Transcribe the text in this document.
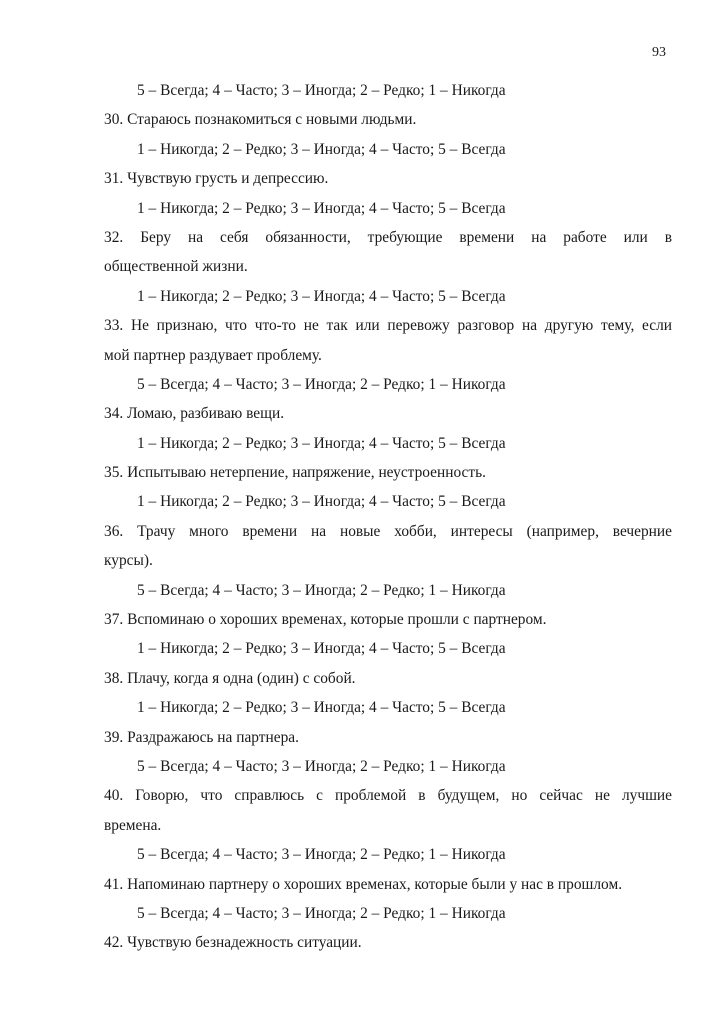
93
5 – Всегда; 4 – Часто; 3 – Иногда; 2 – Редко; 1 – Никогда
30. Стараюсь познакомиться с новыми людьми.
1 – Никогда; 2 – Редко; 3 – Иногда; 4 – Часто; 5 – Всегда
31. Чувствую грусть и депрессию.
1 – Никогда; 2 – Редко; 3 – Иногда; 4 – Часто; 5 – Всегда
32. Беру на себя обязанности, требующие времени на работе или в
общественной жизни.
1 – Никогда; 2 – Редко; 3 – Иногда; 4 – Часто; 5 – Всегда
33. Не признаю, что что-то не так или перевожу разговор на другую тему, если
мой партнер раздувает проблему.
5 – Всегда; 4 – Часто; 3 – Иногда; 2 – Редко; 1 – Никогда
34. Ломаю, разбиваю вещи.
1 – Никогда; 2 – Редко; 3 – Иногда; 4 – Часто; 5 – Всегда
35. Испытываю нетерпение, напряжение, неустроенность.
1 – Никогда; 2 – Редко; 3 – Иногда; 4 – Часто; 5 – Всегда
36. Трачу много времени на новые хобби, интересы (например, вечерние
курсы).
5 – Всегда; 4 – Часто; 3 – Иногда; 2 – Редко; 1 – Никогда
37. Вспоминаю о хороших временах, которые прошли с партнером.
1 – Никогда; 2 – Редко; 3 – Иногда; 4 – Часто; 5 – Всегда
38. Плачу, когда я одна (один) с собой.
1 – Никогда; 2 – Редко; 3 – Иногда; 4 – Часто; 5 – Всегда
39. Раздражаюсь на партнера.
5 – Всегда; 4 – Часто; 3 – Иногда; 2 – Редко; 1 – Никогда
40. Говорю, что справлюсь с проблемой в будущем, но сейчас не лучшие
времена.
5 – Всегда; 4 – Часто; 3 – Иногда; 2 – Редко; 1 – Никогда
41. Напоминаю партнеру о хороших временах, которые были у нас в прошлом.
5 – Всегда; 4 – Часто; 3 – Иногда; 2 – Редко; 1 – Никогда
42. Чувствую безнадежность ситуации.
